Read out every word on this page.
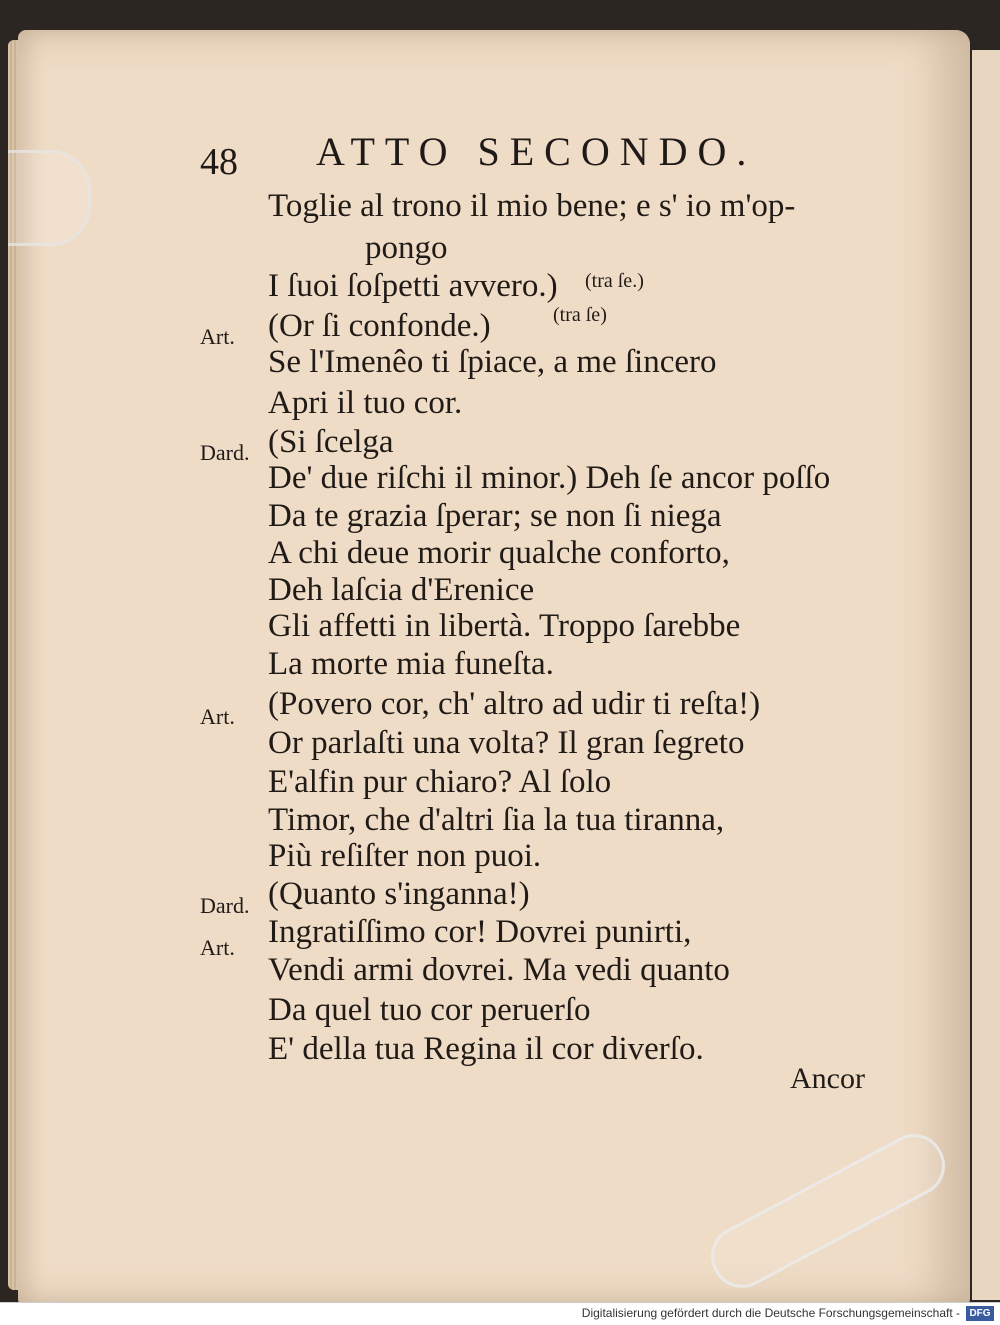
48 ATTO SECONDO.
Toglie al trono il mio bene; e s' io m'op-
pongo
I ſuoi ſoſpetti avvero.) (tra ſe.)
Art. (Or ſi confonde.)	(tra ſe)
Se l'Imenêo ti ſpiace, a me ſincero
Apri il tuo cor.
Dard. (Si ſcelga
De' due riſchi il minor.) Deh ſe ancor poſſo
Da te grazia ſperar; se non ſi niega
A chi deue morir qualche conforto,
Deh laſcia d'Erenice
Gli affetti in libertà. Troppo ſarebbe
La morte mia funeſta.
Art. (Povero cor, ch' altro ad udir ti reſta!)
Or parlaſti una volta? Il gran ſegreto
E'alfin pur chiaro? Al ſolo
Timor, che d'altri ſia la tua tiranna,
Più reſiſter non puoi.
Dard. (Quanto s'inganna!)
Art. Ingratiſſimo cor! Dovrei punirti,
Vendi armi dovrei. Ma vedi quanto
Da quel tuo cor peruerſo
E' della tua Regina il cor diverſo.
Ancor
Digitalisierung gefördert durch die Deutsche Forschungsgemeinschaft - DFG
